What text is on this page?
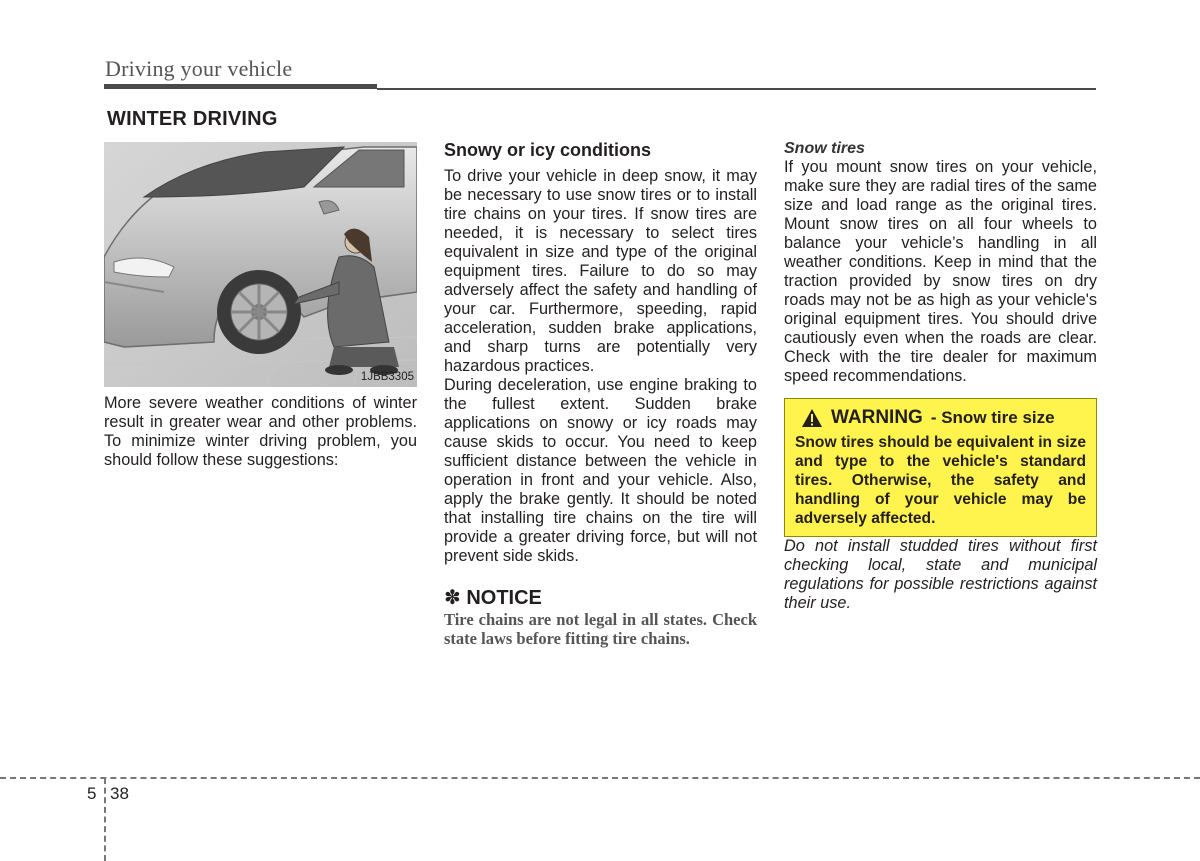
Driving your vehicle
WINTER DRIVING
1JBB3305

More severe weather conditions of winter result in greater wear and other problems. To minimize winter driving problem, you should follow these suggestions:

Snowy or icy conditions

To drive your vehicle in deep snow, it may be necessary to use snow tires or to install tire chains on your tires. If snow tires are needed, it is necessary to select tires equivalent in size and type of the original equipment tires. Failure to do so may adversely affect the safety and handling of your car. Furthermore, speeding, rapid acceleration, sudden brake applications, and sharp turns are potentially very hazardous practices.

During deceleration, use engine braking to the fullest extent. Sudden brake applications on snowy or icy roads may cause skids to occur. You need to keep sufficient distance between the vehicle in operation in front and your vehicle. Also, apply the brake gently. It should be noted that installing tire chains on the tire will provide a greater driving force, but will not prevent side skids.

✽ NOTICE
Tire chains are not legal in all states. Check state laws before fitting tire chains.
Snow tires

If you mount snow tires on your vehicle, make sure they are radial tires of the same size and load range as the original tires. Mount snow tires on all four wheels to balance your vehicle’s handling in all weather conditions. Keep in mind that the traction provided by snow tires on dry roads may not be as high as your vehicle's original equipment tires. You should drive cautiously even when the roads are clear. Check with the tire dealer for maximum speed recommendations.

WARNING - Snow tire size
Snow tires should be equivalent in size and type to the vehicle's standard tires. Otherwise, the safety and handling of your vehicle may be adversely affected.

Do not install studded tires without first checking local, state and municipal regulations for possible restrictions against their use.

5 38
